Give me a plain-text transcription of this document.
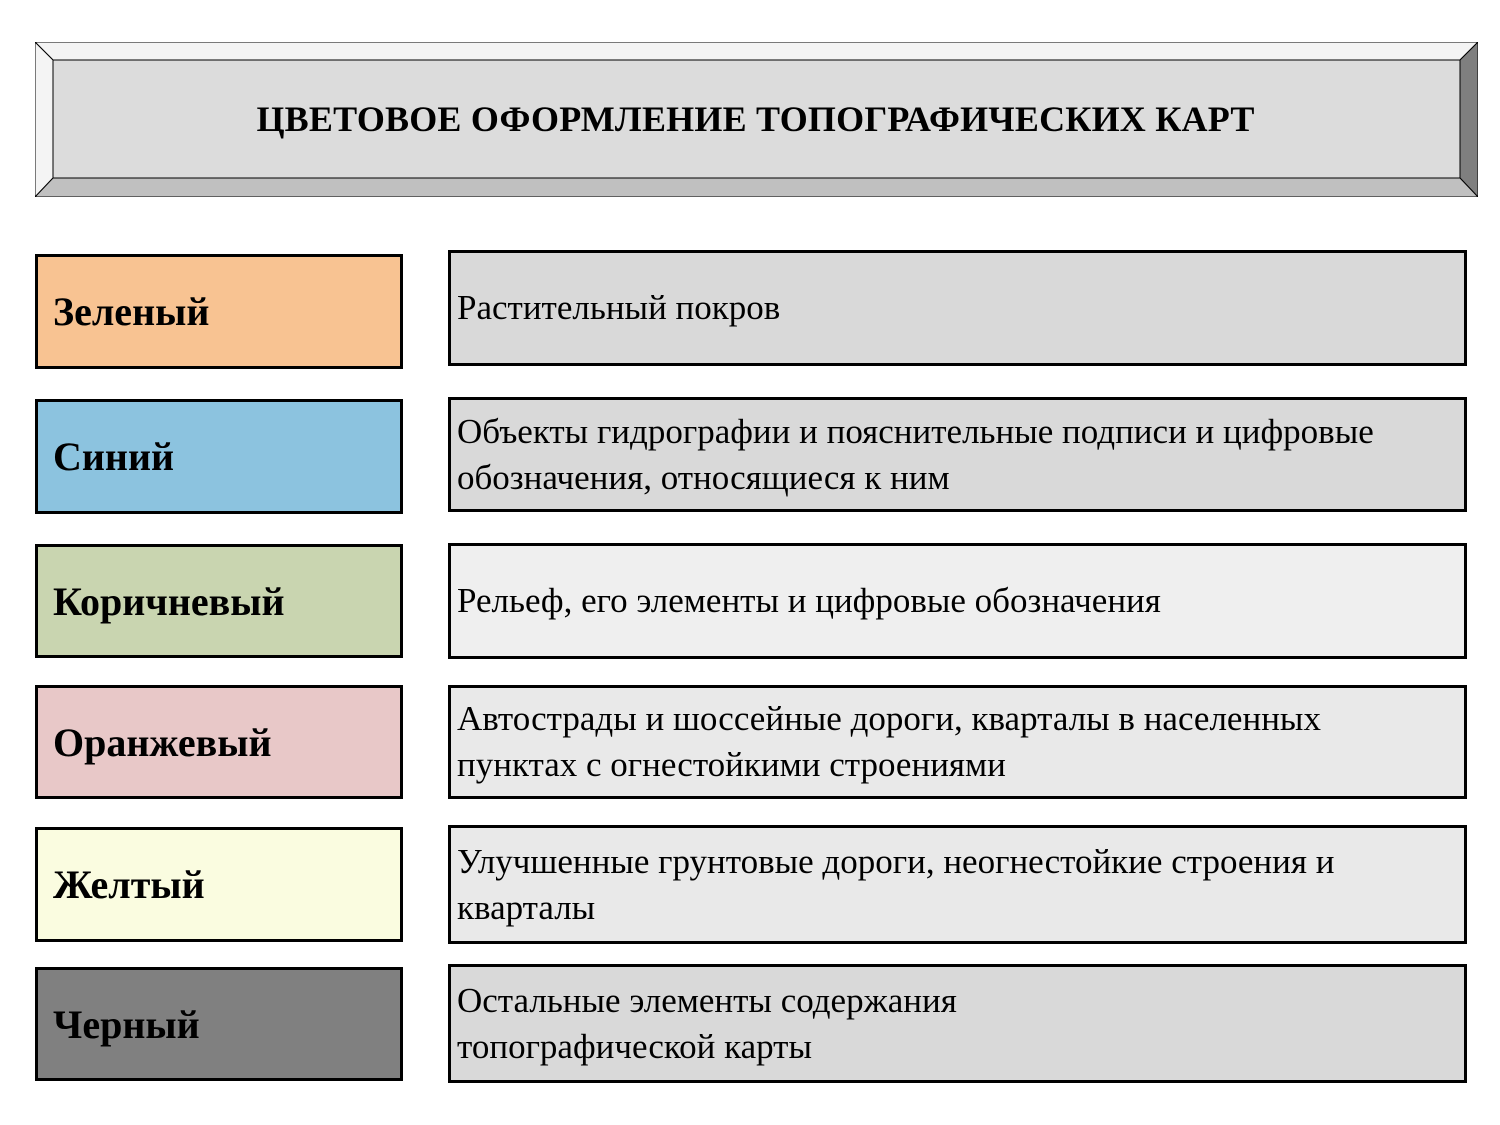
ЦВЕТОВОЕ ОФОРМЛЕНИЕ ТОПОГРАФИЧЕСКИХ КАРТ
Зеленый	Растительный покров
Синий
Объекты гидрографии и пояснительные подписи и цифровые
обозначения, относящиеся к ним
Коричневый	Рельеф, его элементы и цифровые обозначения
Оранжевый
Автострады и шоссейные дороги, кварталы в населенных
пунктах с огнестойкими строениями
Желтый
Улучшенные грунтовые дороги, неогнестойкие строения и
кварталы
Черный
Остальные элементы содержания
топографической карты
